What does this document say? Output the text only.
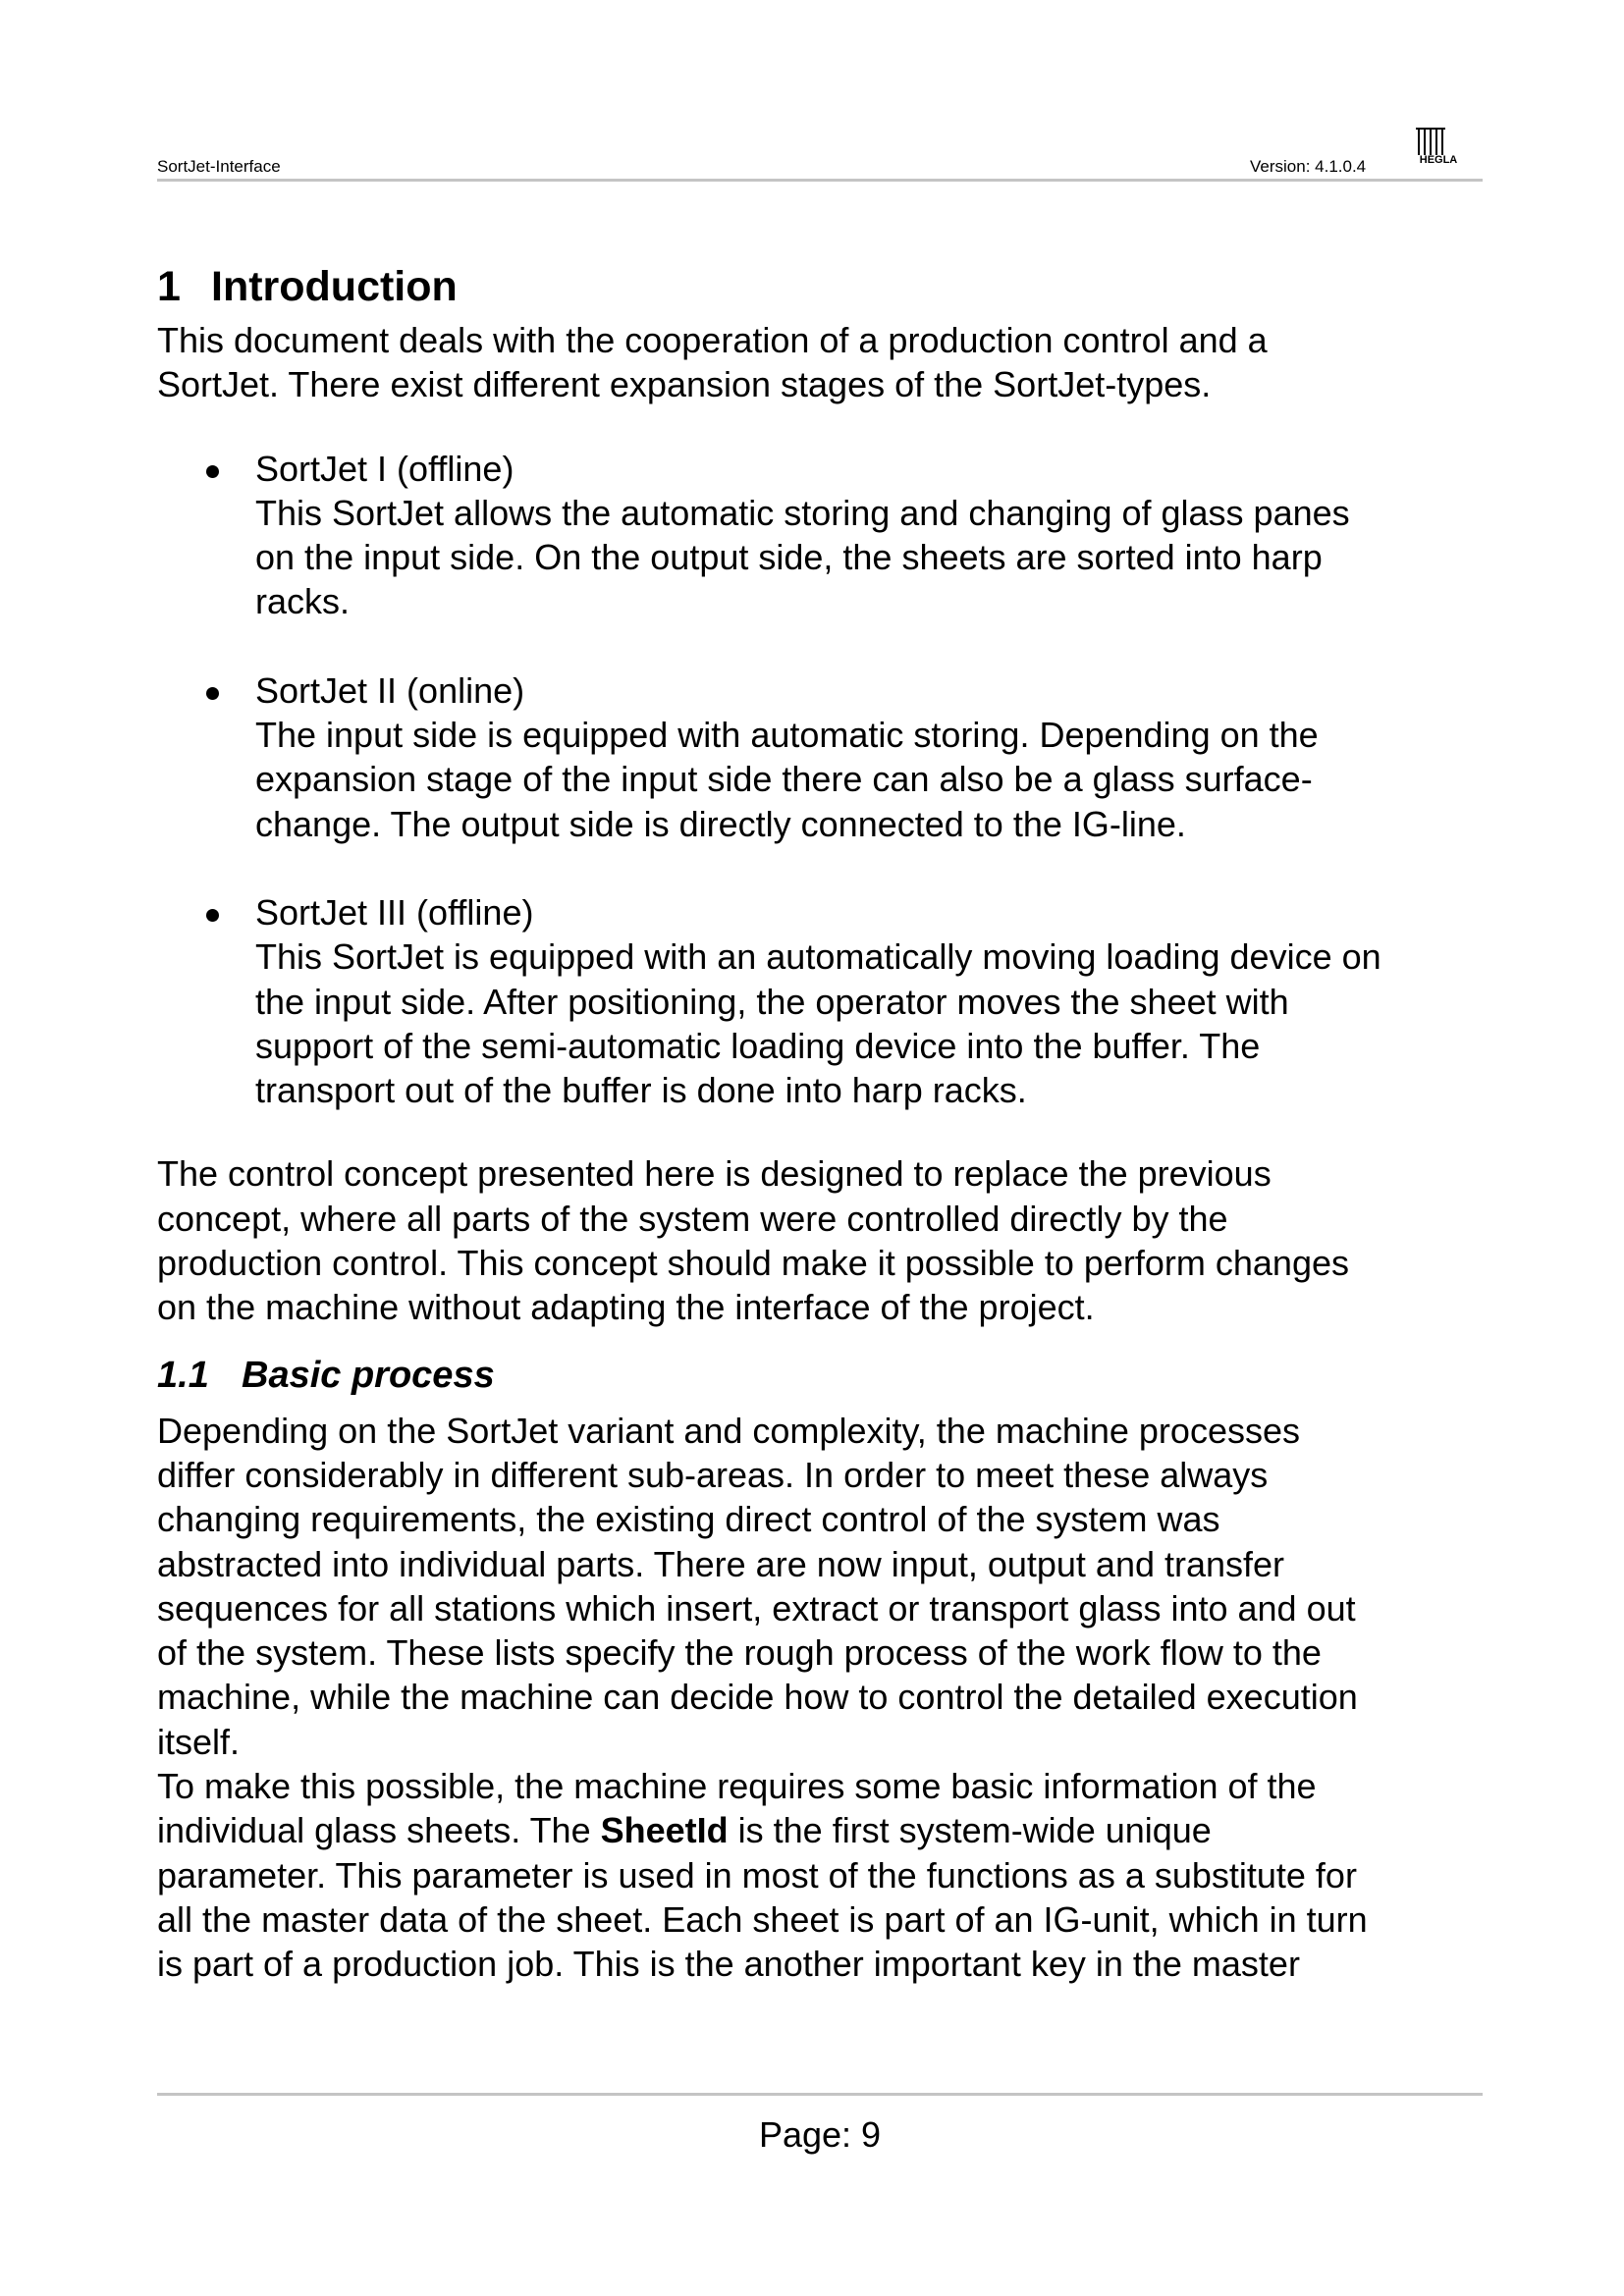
SortJet-Interface	Version: 4.1.0.4	HEGLA
1 Introduction

This document deals with the cooperation of a production control and a
SortJet. There exist different expansion stages of the SortJet-types.

SortJet I (offline)
This SortJet allows the automatic storing and changing of glass panes
on the input side. On the output side, the sheets are sorted into harp
racks.

SortJet II (online)
The input side is equipped with automatic storing. Depending on the
expansion stage of the input side there can also be a glass surface-
change. The output side is directly connected to the IG-line.

SortJet III (offline)
This SortJet is equipped with an automatically moving loading device on
the input side. After positioning, the operator moves the sheet with
support of the semi-automatic loading device into the buffer. The
transport out of the buffer is done into harp racks.

The control concept presented here is designed to replace the previous
concept, where all parts of the system were controlled directly by the
production control. This concept should make it possible to perform changes
on the machine without adapting the interface of the project.

1.1 Basic process

Depending on the SortJet variant and complexity, the machine processes
differ considerably in different sub-areas. In order to meet these always
changing requirements, the existing direct control of the system was
abstracted into individual parts. There are now input, output and transfer
sequences for all stations which insert, extract or transport glass into and out
of the system. These lists specify the rough process of the work flow to the
machine, while the machine can decide how to control the detailed execution
itself.
To make this possible, the machine requires some basic information of the
individual glass sheets. The SheetId is the first system-wide unique
parameter. This parameter is used in most of the functions as a substitute for
all the master data of the sheet. Each sheet is part of an IG-unit, which in turn
is part of a production job. This is the another important key in the master

Page: 9
